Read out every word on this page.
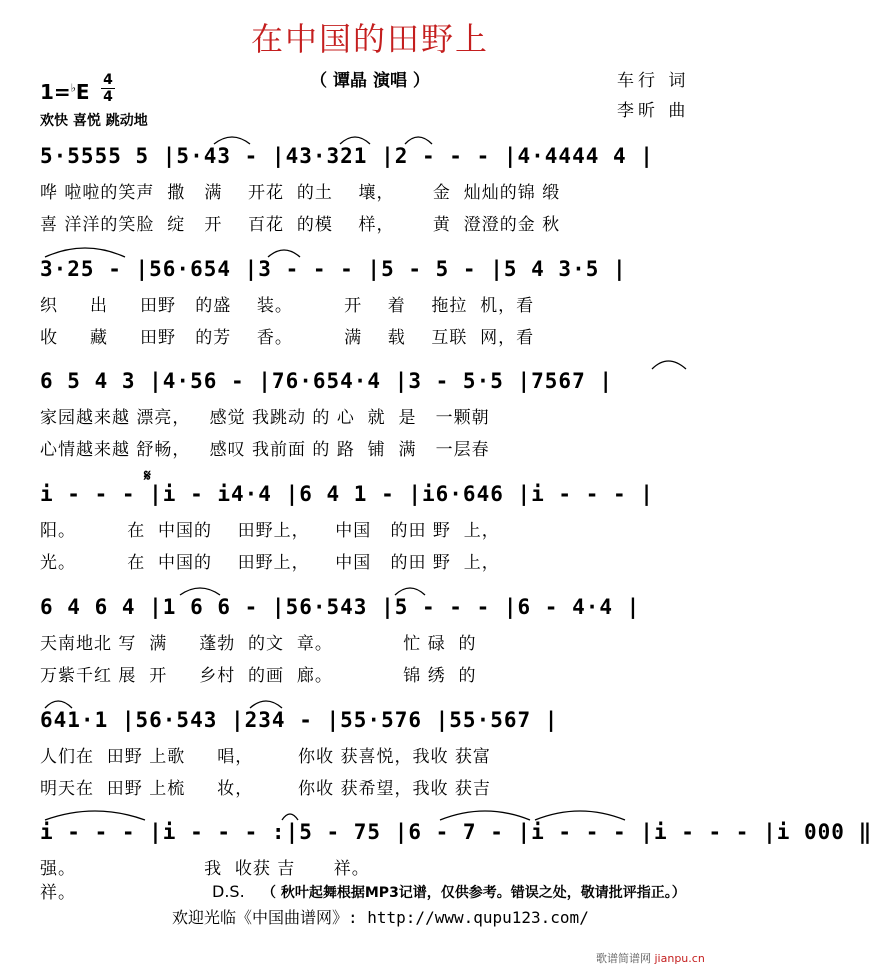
在中国的田野上
（ 谭晶 演唱 ）	车行 词
李昕 曲
1=♭E 4
4
欢快 喜悦 跳动地
5·5555 5 |5·43 - |43·321 |2 - - - |4·4444 4 |
哗 啦啦的笑声  撒   满    开花  的土    壤，      金  灿灿的锦 缎
喜 洋洋的笑脸  绽   开    百花  的模    样，      黄  澄澄的金 秋
3·25 - |56·654 |3 - - - |5 - 5 - |5 4 3·5 |
织     出     田野   的盛    装。        开    着    拖拉  机，看
收     藏     田野   的芳    香。        满    载    互联  网，看
6 5 4 3 |4·56 - |76·654·4 |3 - 5·5 |7567 |
家园越来越 漂亮，   感觉 我跳动 的 心  就  是   一颗朝
心情越来越 舒畅，   感叹 我前面 的 路  铺  满   一层春
𝄋
i - - - |i - i4·4 |6 4 1 - |i6·646 |i - - - |
阳。        在  中国的    田野上，    中国   的田 野  上，
光。        在  中国的    田野上，    中国   的田 野  上，
6 4 6 4 |1 6 6 - |56·543 |5 - - - |6 - 4·4 |
天南地北 写  满     蓬勃  的文  章。           忙 碌  的
万紫千红 展  开     乡村  的画  廊。           锦 绣  的
641·1 |56·543 |234 - |55·576 |55·567 |
人们在  田野 上歌     唱，       你收 获喜悦，我收 获富
明天在  田野 上梳     妆，       你收 获希望，我收 获吉
i - - - |i - - - :|5 - 75 |6 - 7 - |i - - - |i - - - |i 000 ‖
强。                    我  收获 吉      祥。
祥。	D.S. （ 秋叶起舞根据MP3记谱，仅供参考。错误之处，敬请批评指正。）
欢迎光临《中国曲谱网》: http://www.qupu123.com/
歌谱简谱网 jianpu.cn
